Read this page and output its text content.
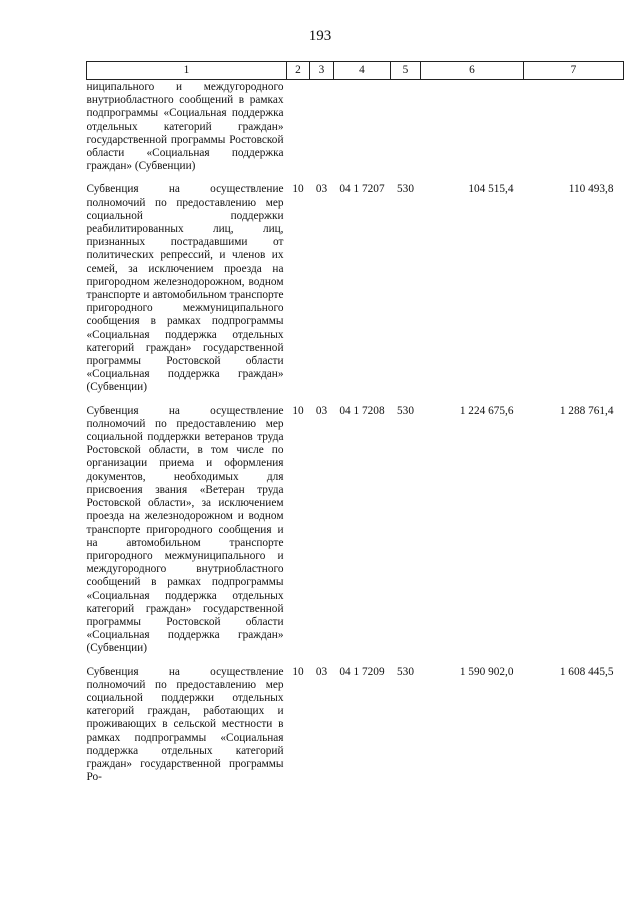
193
1	2	3	4	5	6	7
ниципального и междугородного внутриобластного сообщений в рамках подпрограммы «Социальная поддержка отдельных категорий граждан» государственной программы Ростовской области «Социальная поддержка граждан» (Субвенции)						
Субвенция на осуществление полномочий по предоставлению мер социальной поддержки реабилитированных лиц, лиц, признанных пострадавшими от политических репрессий, и членов их семей, за исключением проезда на пригородном железнодорожном, водном транспорте и автомобильном транспорте пригородного межмуниципального сообщения в рамках подпрограммы «Социальная поддержка отдельных категорий граждан» государственной программы Ростовской области «Социальная поддержка граждан» (Субвенции)	10	03	04 1 7207	530	104 515,4	110 493,8
Субвенция на осуществление полномочий по предоставлению мер социальной поддержки ветеранов труда Ростовской области, в том числе по организации приема и оформления документов, необходимых для присвоения звания «Ветеран труда Ростовской области», за исключением проезда на железнодорожном и водном транспорте пригородного сообщения и на автомобильном транспорте пригородного межмуниципального и междугородного внутриобластного сообщений в рамках подпрограммы «Социальная поддержка отдельных категорий граждан» государственной программы Ростовской области «Социальная поддержка граждан» (Субвенции)	10	03	04 1 7208	530	1 224 675,6	1 288 761,4
Субвенция на осуществление полномочий по предоставлению мер социальной поддержки отдельных категорий граждан, работающих и проживающих в сельской местности в рамках подпрограммы «Социальная поддержка отдельных категорий граждан» государственной программы Ро-	10	03	04 1 7209	530	1 590 902,0	1 608 445,5
